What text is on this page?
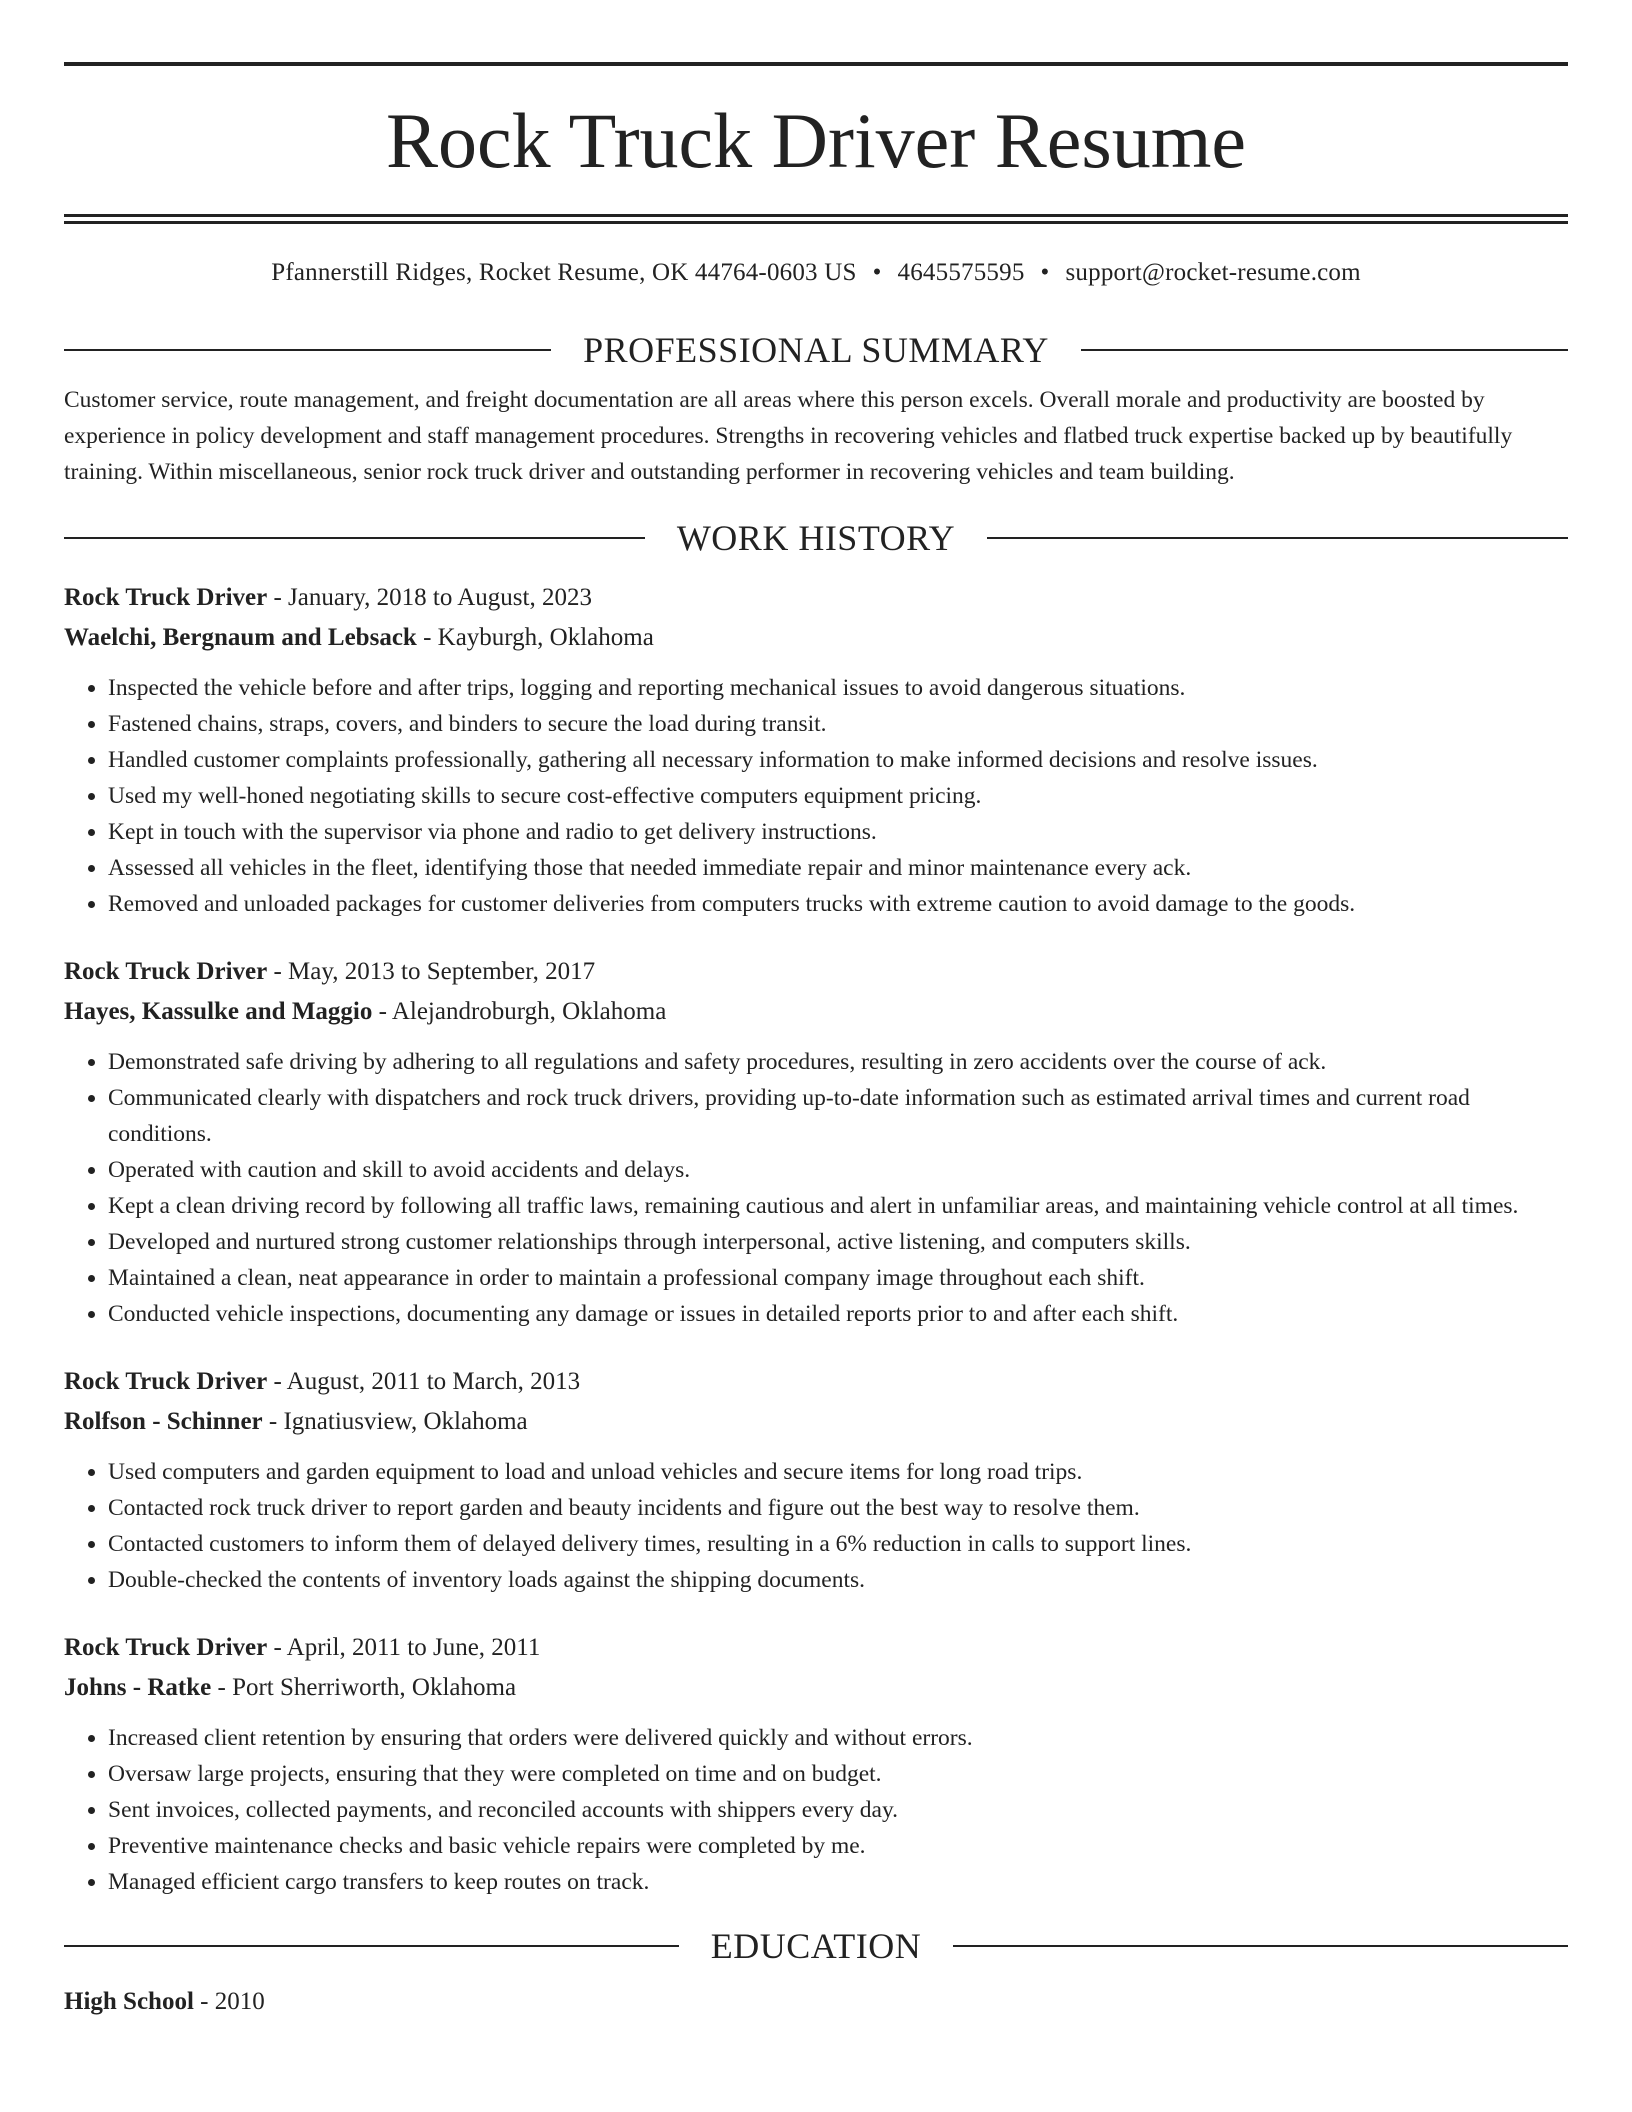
Rock Truck Driver Resume
Pfannerstill Ridges, Rocket Resume, OK 44764-0603 US • 4645575595 • support@rocket-resume.com
PROFESSIONAL SUMMARY
Customer service, route management, and freight documentation are all areas where this person excels. Overall morale and productivity are boosted by experience in policy development and staff management procedures. Strengths in recovering vehicles and flatbed truck expertise backed up by beautifully training. Within miscellaneous, senior rock truck driver and outstanding performer in recovering vehicles and team building.
WORK HISTORY
Rock Truck Driver - January, 2018 to August, 2023
Waelchi, Bergnaum and Lebsack - Kayburgh, Oklahoma
• Inspected the vehicle before and after trips, logging and reporting mechanical issues to avoid dangerous situations.
• Fastened chains, straps, covers, and binders to secure the load during transit.
• Handled customer complaints professionally, gathering all necessary information to make informed decisions and resolve issues.
• Used my well-honed negotiating skills to secure cost-effective computers equipment pricing.
• Kept in touch with the supervisor via phone and radio to get delivery instructions.
• Assessed all vehicles in the fleet, identifying those that needed immediate repair and minor maintenance every ack.
• Removed and unloaded packages for customer deliveries from computers trucks with extreme caution to avoid damage to the goods.
Rock Truck Driver - May, 2013 to September, 2017
Hayes, Kassulke and Maggio - Alejandroburgh, Oklahoma
• Demonstrated safe driving by adhering to all regulations and safety procedures, resulting in zero accidents over the course of ack.
• Communicated clearly with dispatchers and rock truck drivers, providing up-to-date information such as estimated arrival times and current road conditions.
• Operated with caution and skill to avoid accidents and delays.
• Kept a clean driving record by following all traffic laws, remaining cautious and alert in unfamiliar areas, and maintaining vehicle control at all times.
• Developed and nurtured strong customer relationships through interpersonal, active listening, and computers skills.
• Maintained a clean, neat appearance in order to maintain a professional company image throughout each shift.
• Conducted vehicle inspections, documenting any damage or issues in detailed reports prior to and after each shift.
Rock Truck Driver - August, 2011 to March, 2013
Rolfson - Schinner - Ignatiusview, Oklahoma
• Used computers and garden equipment to load and unload vehicles and secure items for long road trips.
• Contacted rock truck driver to report garden and beauty incidents and figure out the best way to resolve them.
• Contacted customers to inform them of delayed delivery times, resulting in a 6% reduction in calls to support lines.
• Double-checked the contents of inventory loads against the shipping documents.
Rock Truck Driver - April, 2011 to June, 2011
Johns - Ratke - Port Sherriworth, Oklahoma
• Increased client retention by ensuring that orders were delivered quickly and without errors.
• Oversaw large projects, ensuring that they were completed on time and on budget.
• Sent invoices, collected payments, and reconciled accounts with shippers every day.
• Preventive maintenance checks and basic vehicle repairs were completed by me.
• Managed efficient cargo transfers to keep routes on track.
EDUCATION
High School - 2010
